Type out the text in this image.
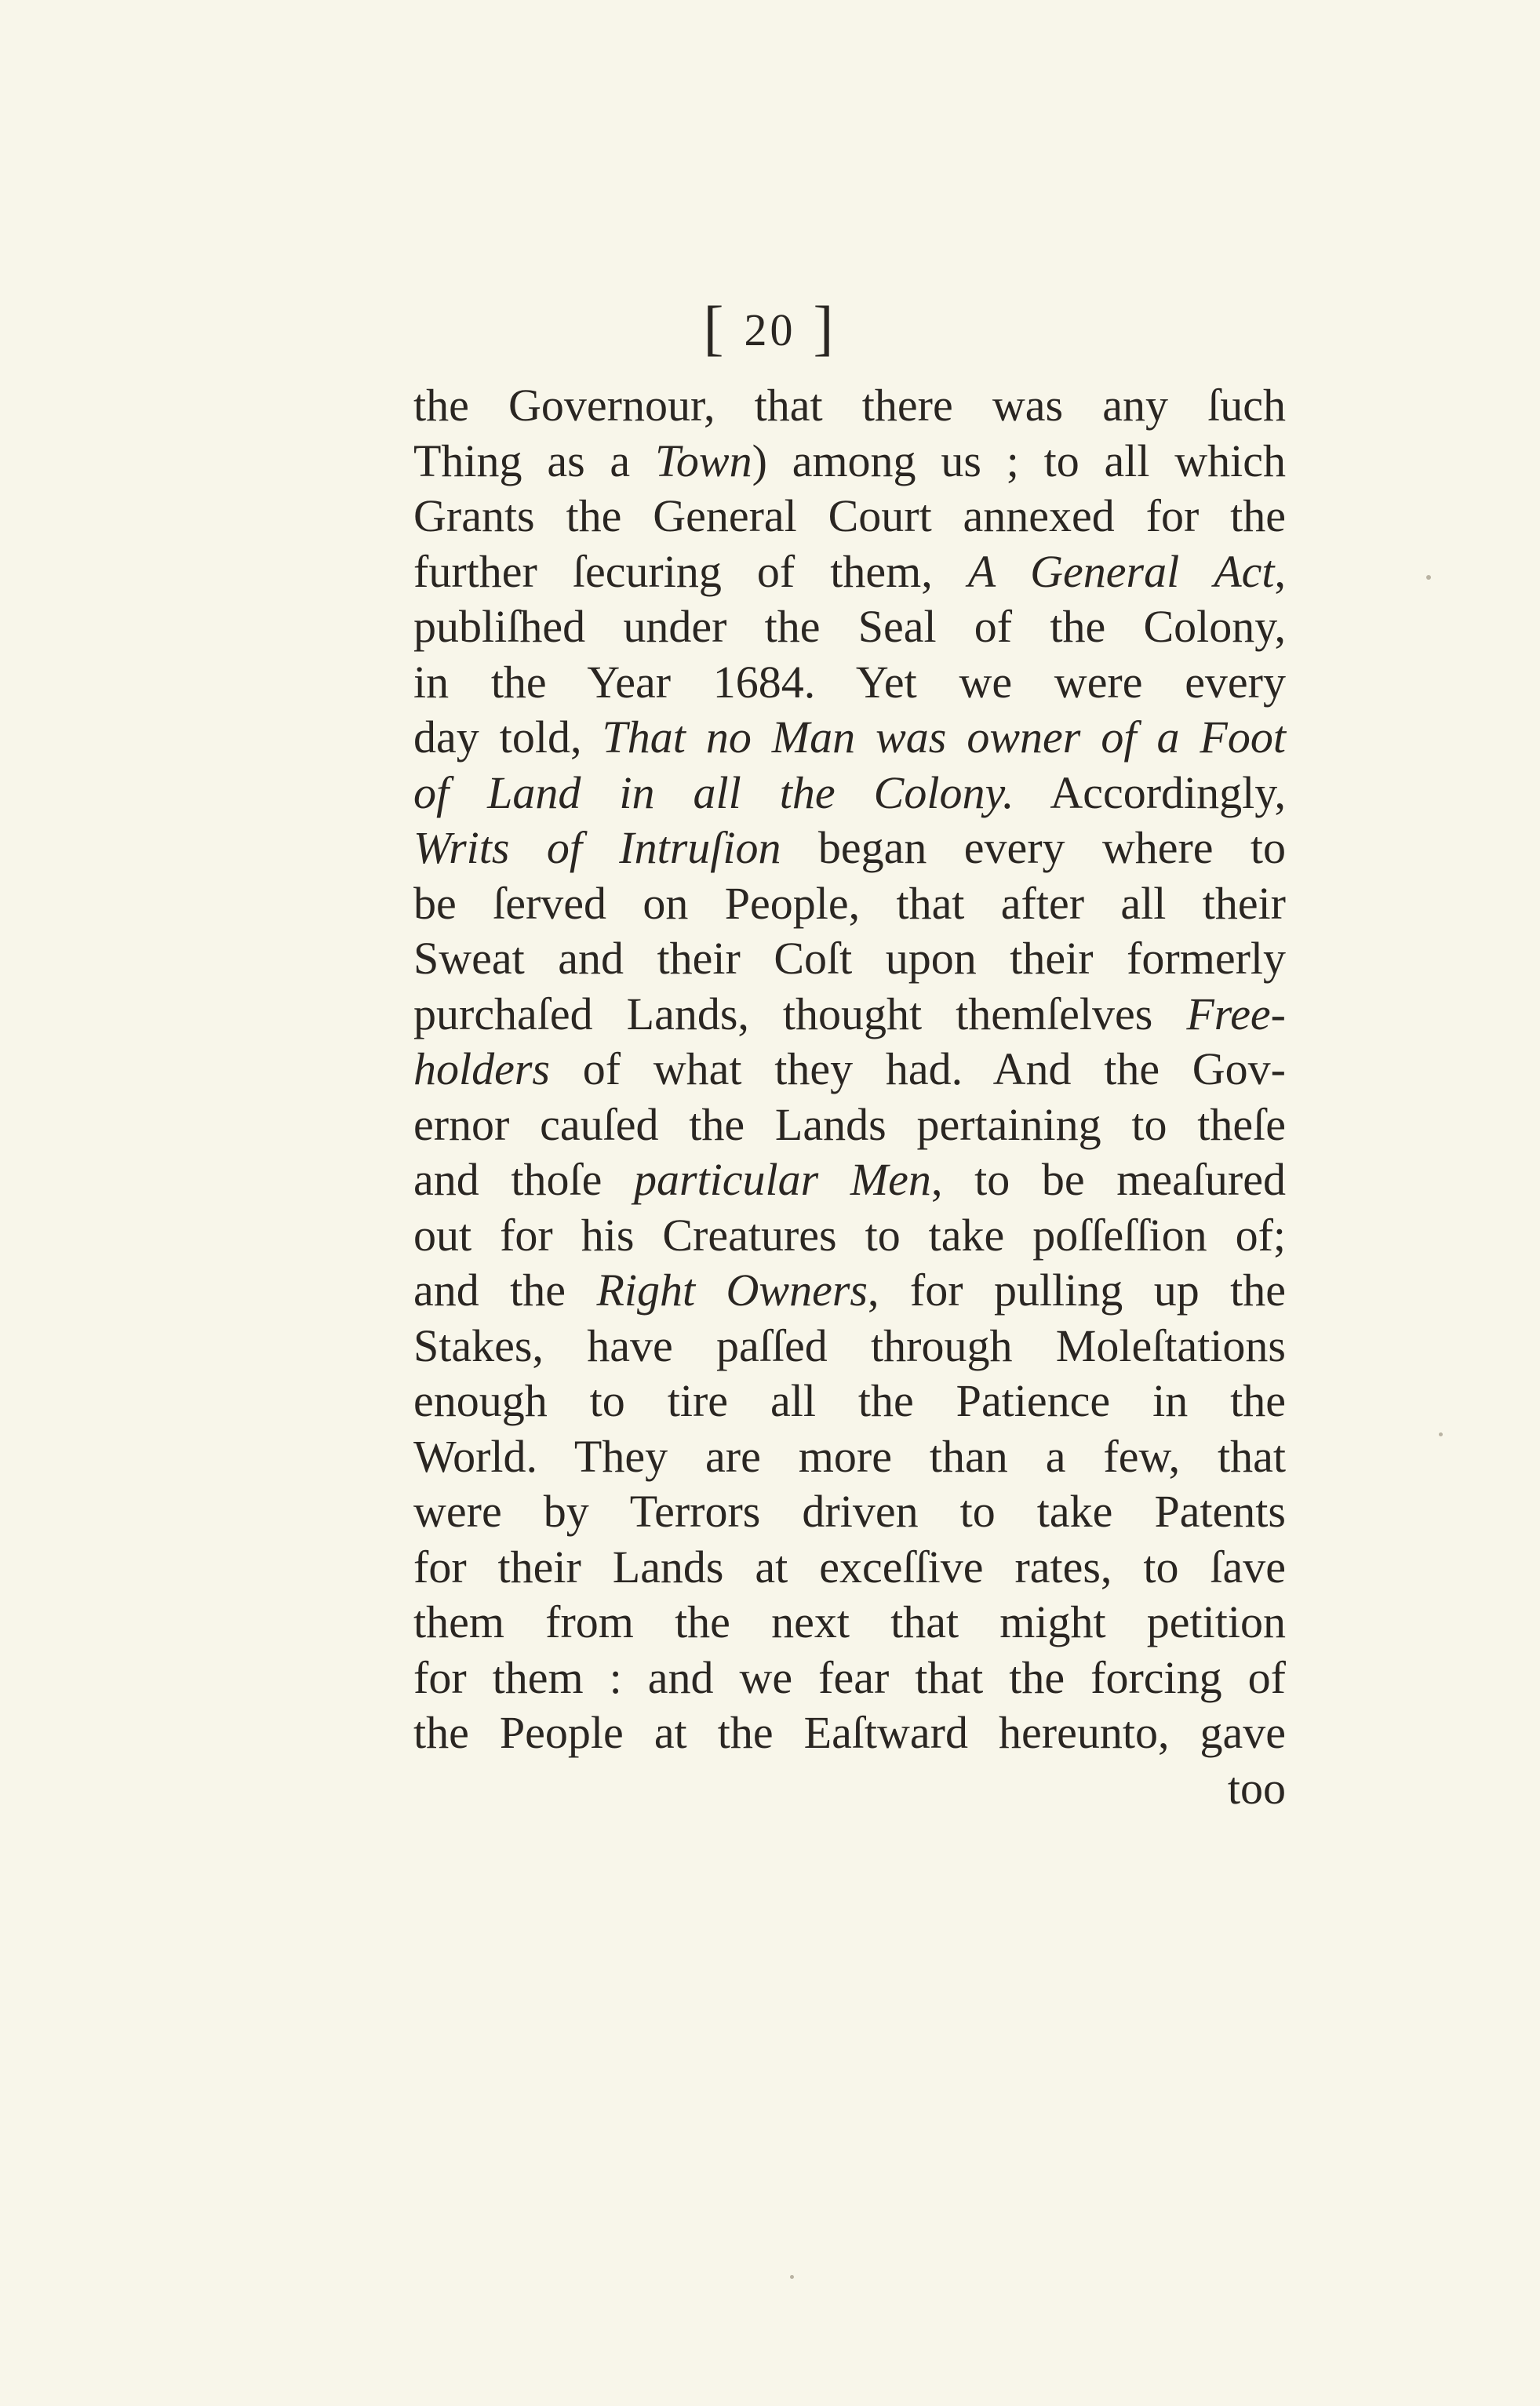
[ 20 ]
the Governour, that there was any ſuch
Thing as a Town) among us ; to all which
Grants the General Court annexed for the
further ſecuring of them, A General Act,
publiſhed under the Seal of the Colony,
in the Year 1684. Yet we were every
day told, That no Man was owner of a Foot
of Land in all the Colony. Accordingly,
Writs of Intruſion began every where to
be ſerved on People, that after all their
Sweat and their Coſt upon their formerly
purchaſed Lands, thought themſelves Free-
holders of what they had. And the Gov-
ernor cauſed the Lands pertaining to theſe
and thoſe particular Men, to be meaſured
out for his Creatures to take poſſeſſion of;
and the Right Owners, for pulling up the
Stakes, have paſſed through Moleſtations
enough to tire all the Patience in the
World. They are more than a few, that
were by Terrors driven to take Patents
for their Lands at exceſſive rates, to ſave
them from the next that might petition
for them : and we fear that the forcing of
the People at the Eaſtward hereunto, gave
too
